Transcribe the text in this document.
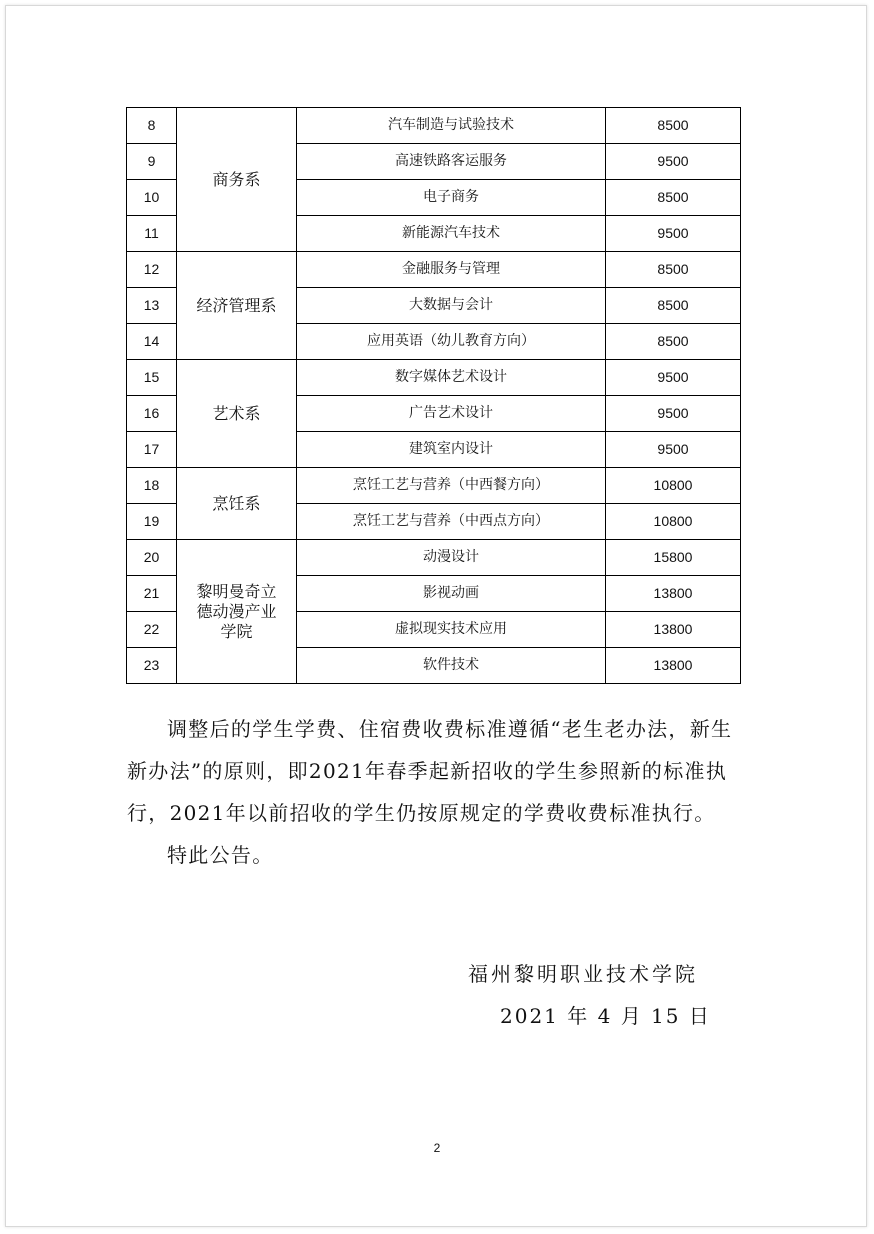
8	商务系	汽车制造与试验技术	8500
9		高速铁路客运服务	9500
10		电子商务	8500
11		新能源汽车技术	9500
12	经济管理系	金融服务与管理	8500
13		大数据与会计	8500
14		应用英语（幼儿教育方向）	8500
15	艺术系	数字媒体艺术设计	9500
16		广告艺术设计	9500
17		建筑室内设计	9500
18	烹饪系	烹饪工艺与营养（中西餐方向）	10800
19		烹饪工艺与营养（中西点方向）	10800
20	黎明曼奇立德动漫产业学院	动漫设计	15800
21		影视动画	13800
22		虚拟现实技术应用	13800
23		软件技术	13800

调整后的学生学费、住宿费收费标准遵循“老生老办法，新生新办法”的原则，即2021年春季起新招收的学生参照新的标准执行，2021年以前招收的学生仍按原规定的学费收费标准执行。

特此公告。

福州黎明职业技术学院
2021 年 4 月 15 日
2
